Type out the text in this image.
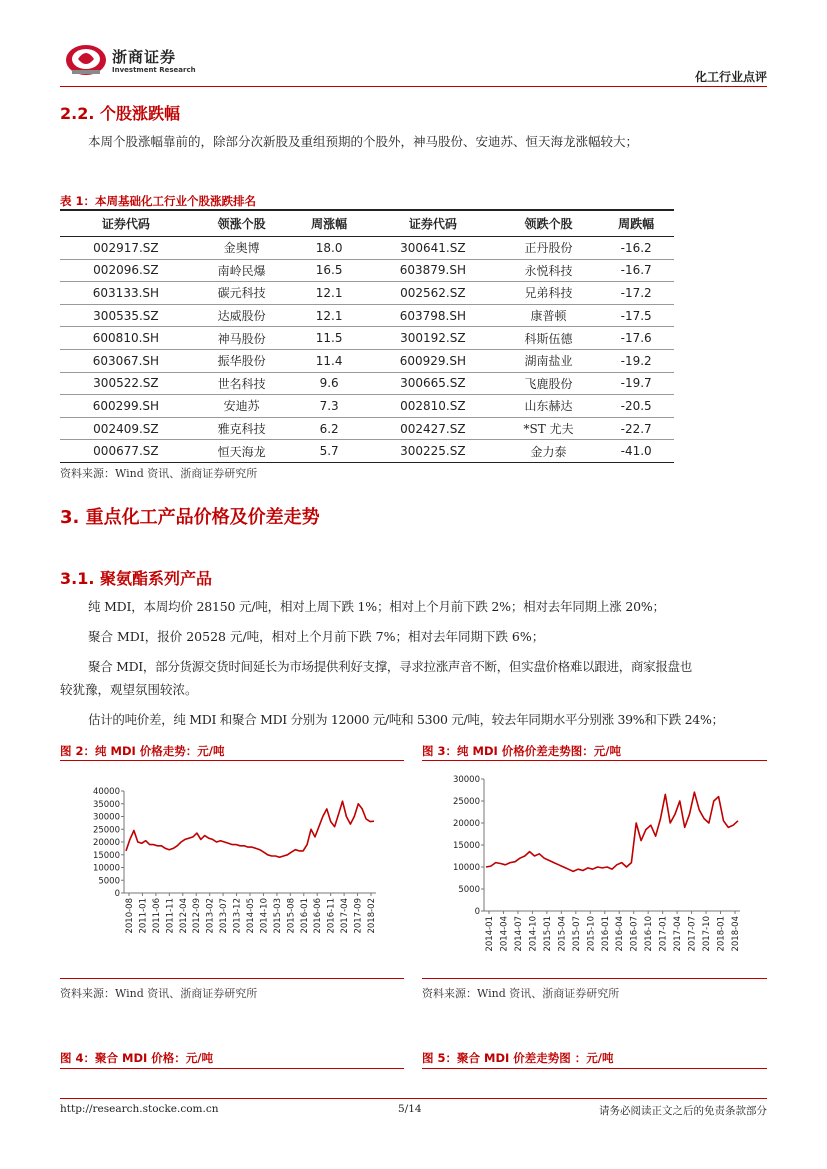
浙商证券
Investment Research	化工行业点评
2.2. 个股涨跌幅
本周个股涨幅靠前的，除部分次新股及重组预期的个股外，神马股份、安迪苏、恒天海龙涨幅较大；
表 1：本周基础化工行业个股涨跌排名
证券代码	领涨个股	周涨幅	证券代码	领跌个股	周跌幅
002917.SZ	金奥博	18.0	300641.SZ	正丹股份	-16.2
002096.SZ	南岭民爆	16.5	603879.SH	永悦科技	-16.7
603133.SH	碳元科技	12.1	002562.SZ	兄弟科技	-17.2
300535.SZ	达威股份	12.1	603798.SH	康普顿	-17.5
600810.SH	神马股份	11.5	300192.SZ	科斯伍德	-17.6
603067.SH	振华股份	11.4	600929.SH	湖南盐业	-19.2
300522.SZ	世名科技	9.6	300665.SZ	飞鹿股份	-19.7
600299.SH	安迪苏	7.3	002810.SZ	山东赫达	-20.5
002409.SZ	雅克科技	6.2	002427.SZ	*ST 尤夫	-22.7
000677.SZ	恒天海龙	5.7	300225.SZ	金力泰	-41.0
资料来源：Wind 资讯、浙商证券研究所
3. 重点化工产品价格及价差走势
3.1. 聚氨酯系列产品
纯 MDI，本周均价 28150 元/吨，相对上周下跌 1%；相对上个月前下跌 2%；相对去年同期上涨 20%；
聚合 MDI，报价 20528 元/吨，相对上个月前下跌 7%；相对去年同期下跌 6%；
聚合 MDI，部分货源交货时间延长为市场提供利好支撑，寻求拉涨声音不断，但实盘价格难以跟进，商家报盘也
较犹豫，观望氛围较浓。
估计的吨价差，纯 MDI 和聚合 MDI 分别为 12000 元/吨和 5300 元/吨，较去年同期水平分别涨 39%和下跌 24%；
图 2：纯 MDI 价格走势：元/吨	图 3：纯 MDI 价格价差走势图：元/吨
40000
35000
30000
25000
20000
15000
10000
5000
0
2010-08 2011-01 2011-06 2011-11 2012-04 2012-09 2013-02 2013-07 2013-12 2014-05 2014-10 2015-03 2015-08 2016-01 2016-06 2016-11 2017-04 2017-09 2018-02
30000
25000
20000
15000
10000
5000
0
2014-01 2014-04 2014-07 2014-10 2015-01 2015-04 2015-07 2015-10 2016-01 2016-04 2016-07 2016-10 2017-01 2017-04 2017-07 2017-10 2018-01 2018-04
资料来源：Wind 资讯、浙商证券研究所	资料来源：Wind 资讯、浙商证券研究所
图 4：聚合 MDI 价格：元/吨	图 5：聚合 MDI 价差走势图 ：元/吨
http://research.stocke.com.cn	5/14	请务必阅读正文之后的免责条款部分
